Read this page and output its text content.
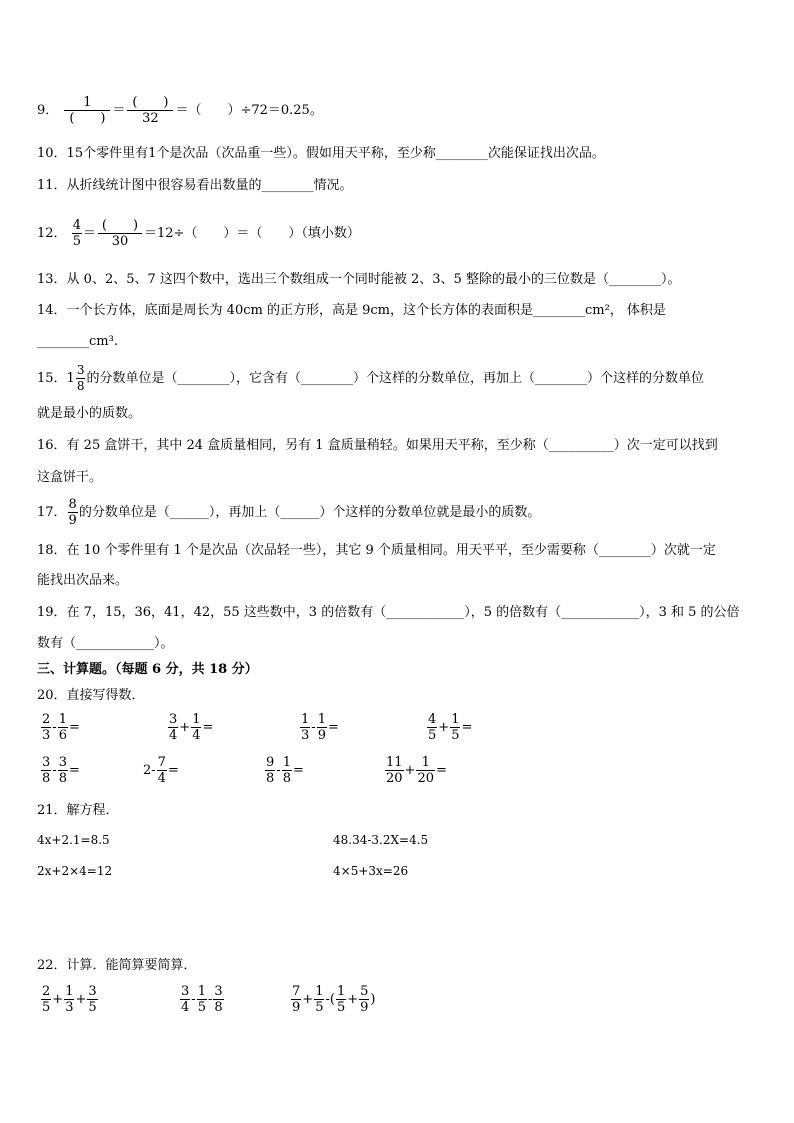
9． $\frac{1}{( )} = \frac{( )}{32}$ ＝（　　）÷72＝0.25。
10．15个零件里有1个是次品（次品重一些）。假如用天平称，至少称________次能保证找出次品。
11．从折线统计图中很容易看出数量的________情况。
12． $\frac{4}{5} = \frac{( )}{30} =12\div$（　　）＝（　　）（填小数）
13．从 0、2、5、7 这四个数中，选出三个数组成一个同时能被 2、3、5 整除的最小的三位数是（________）。
14．一个长方体，底面是周长为 40cm 的正方形，高是 9cm，这个长方体的表面积是________cm²， 体积是
________cm³.
15．$1 \frac{3}{8}$ 的分数单位是（________），它含有（________）个这样的分数单位，再加上（________）个这样的分数单位
就是最小的质数。
16．有 25 盒饼干，其中 24 盒质量相同，另有 1 盒质量稍轻。如果用天平称，至少称（__________）次一定可以找到
这盒饼干。
17． $\frac{8}{9}$ 的分数单位是（______），再加上（______）个这样的分数单位就是最小的质数。
18．在 10 个零件里有 1 个是次品（次品轻一些），其它 9 个质量相同。用天平平，至少需要称（________）次就一定
能找出次品来。
19．在 7，15，36，41，42，55 这些数中，3 的倍数有（____________），5 的倍数有（____________），3 和 5 的公倍
数有（____________）。
三、计算题。（每题 6 分，共 18 分）
20．直接写得数．
$\frac{2}{3} - \frac{1}{6}$ =	$\frac{3}{4} + \frac{1}{4}$ =	$\frac{1}{3} - \frac{1}{9}$ =	$\frac{4}{5} + \frac{1}{5}$ =
$\frac{3}{8} - \frac{3}{8}$ =	$2- \frac{7}{4}$ =	$\frac{9}{8} - \frac{1}{8}$ =	$\frac{11}{20} + \frac{1}{20}$ =
21．解方程．
4x+2.1=8.5	48.34-3.2X=4.5
2x+2×4=12	4×5+3x=26
22．计算．能简算要简算．
$\frac{2}{5} + \frac{1}{3} + \frac{3}{5}$	$\frac{3}{4} - \frac{1}{5} - \frac{3}{8}$	$\frac{7}{9} + \frac{1}{5}$ -( $\frac{1}{5} + \frac{5}{9}$ )
